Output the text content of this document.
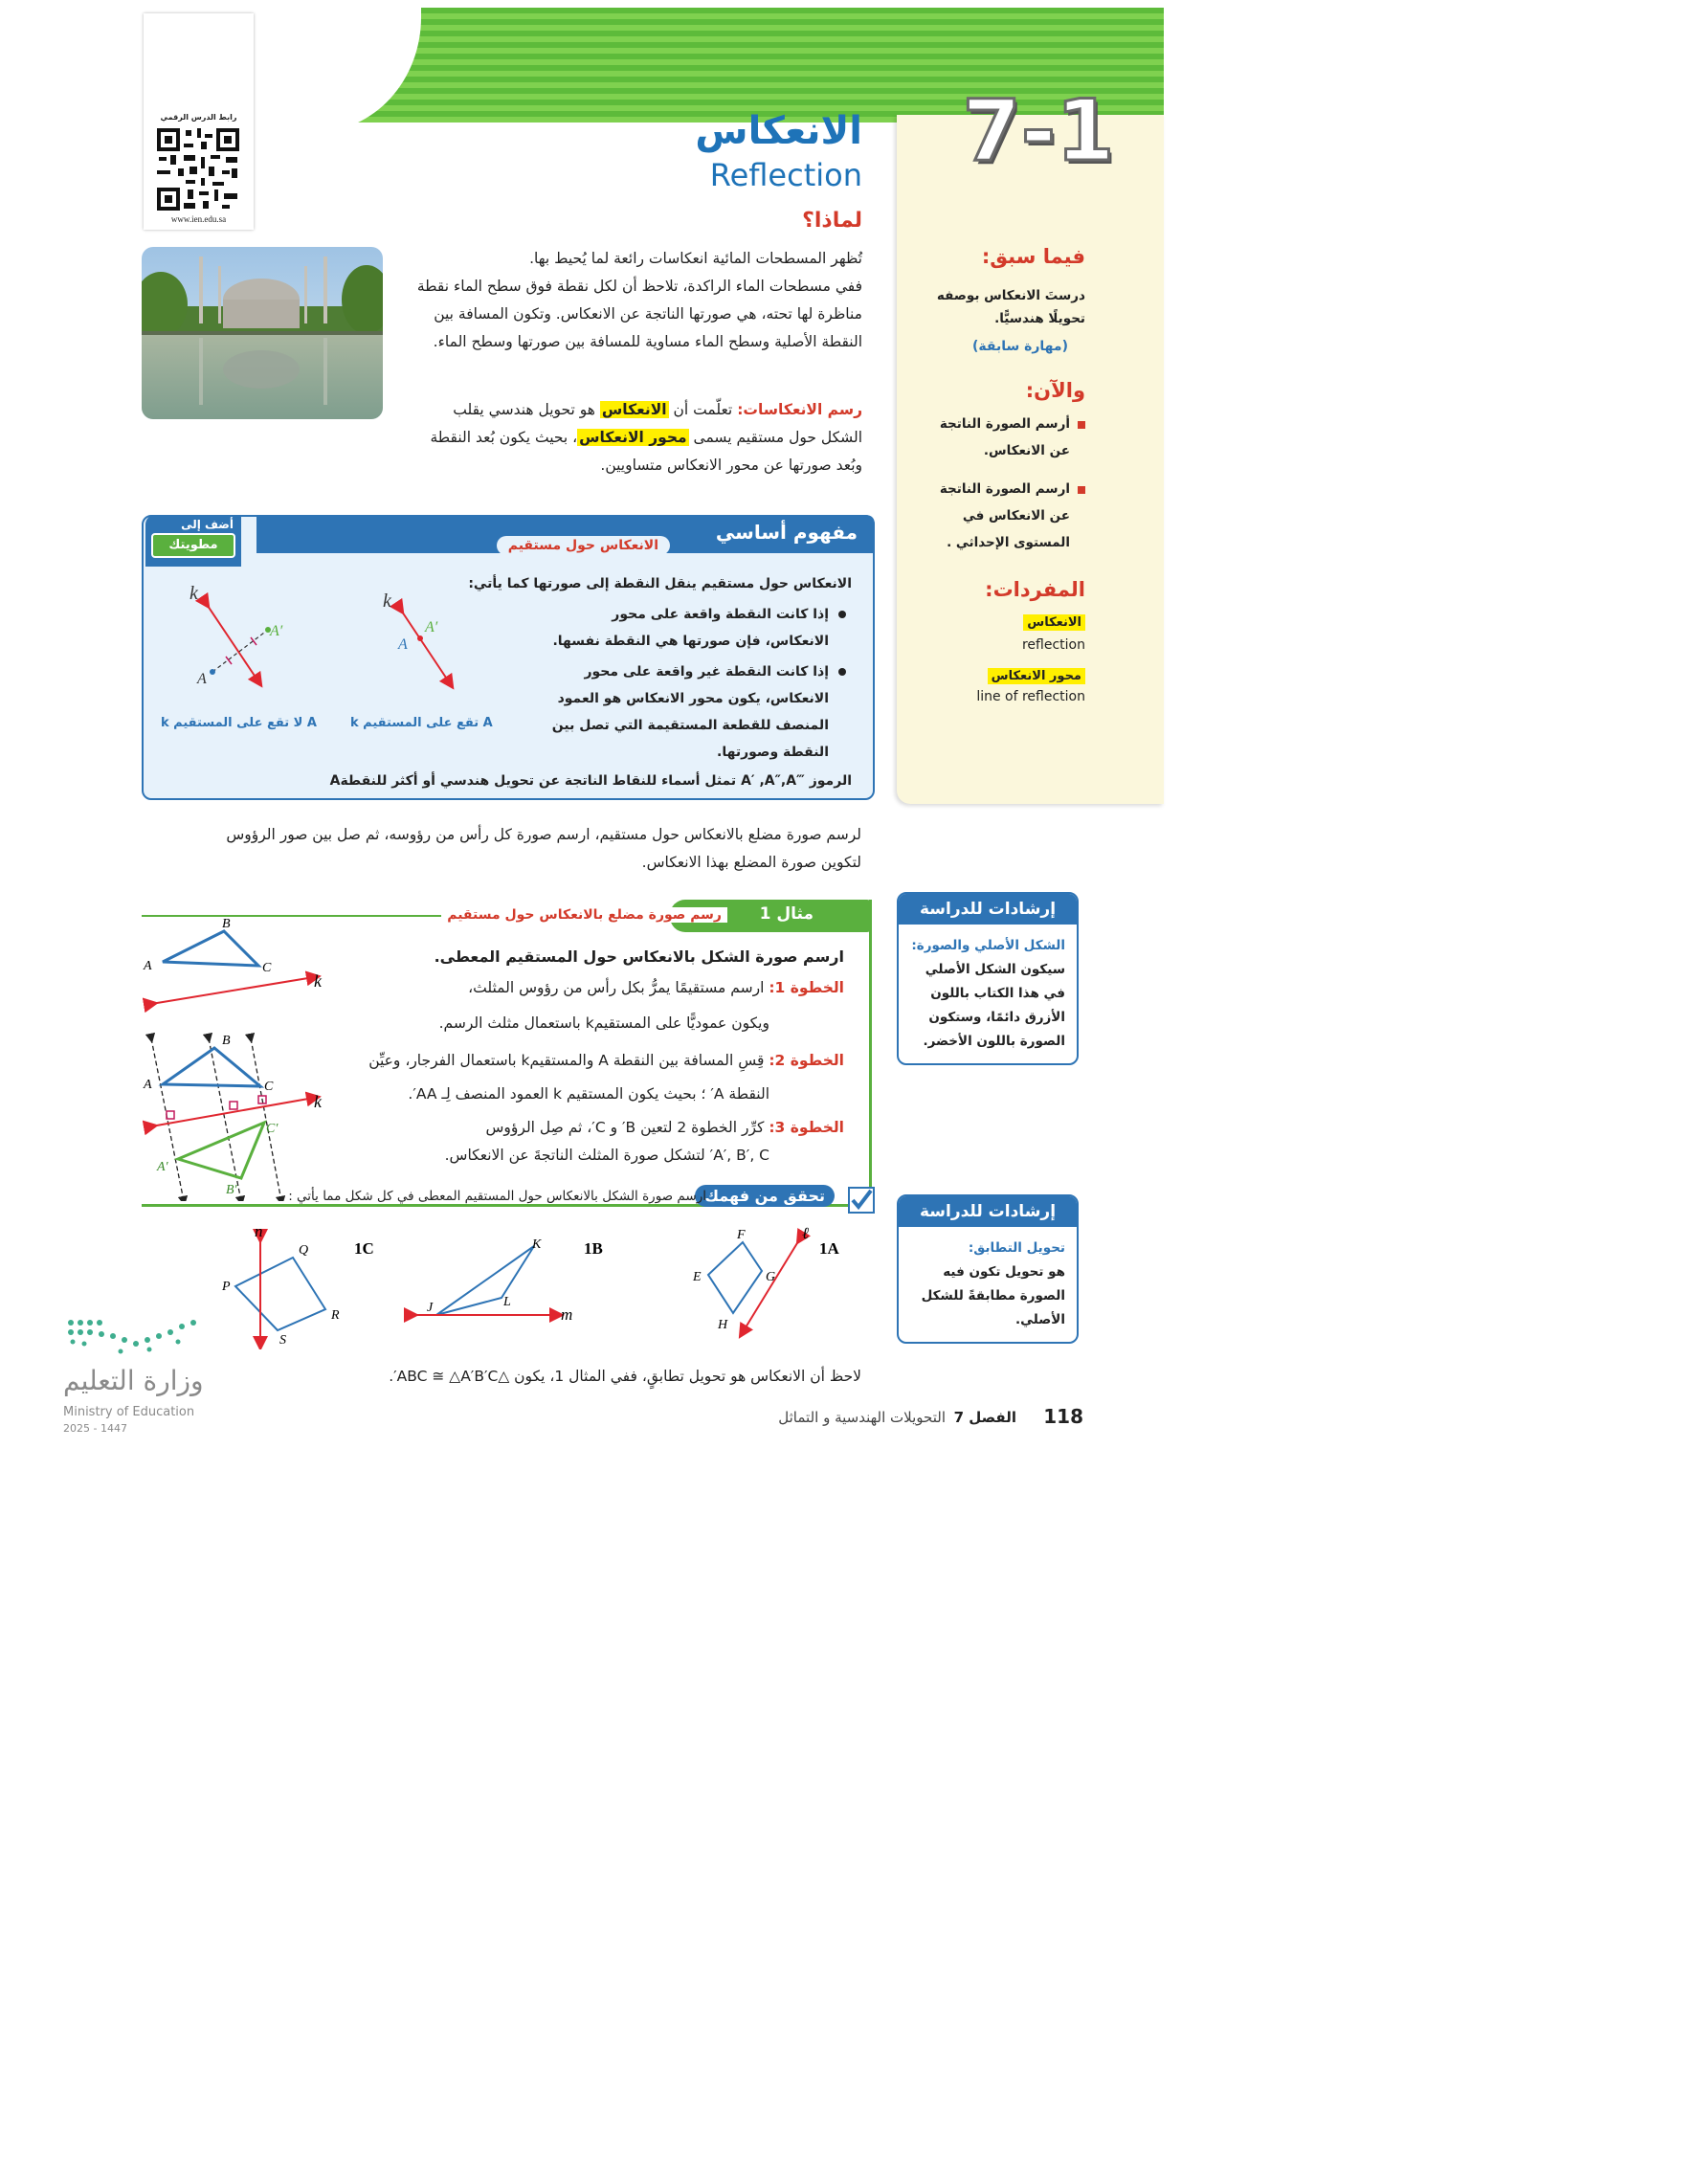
7-1
الانعكاس
Reflection
رابط الدرس الرقمي
www.ien.edu.sa
فيما سبق:
درستَ الانعكاس بوصفه
تحويلًا هندسيًّا.
(مهارة سابقة)
والآن:
أرسم الصورة الناتجة
عن الانعكاس.
ارسم الصورة الناتجة
عن الانعكاس في
المستوى الإحداثي .
المفردات:
الانعكاس
reflection
محور الانعكاس
line of reflection
لماذا؟
تُظهر المسطحات المائية انعكاسات رائعة لما يُحيط بها.
ففي مسطحات الماء الراكدة، تلاحظ أن لكل نقطة فوق سطح الماء نقطة
مناظرة لها تحته، هي صورتها الناتجة عن الانعكاس. وتكون المسافة بين
النقطة الأصلية وسطح الماء مساوية للمسافة بين صورتها وسطح الماء.
رسم الانعكاسات: تعلّمت أن الانعكاس هو تحويل هندسي يقلب
الشكل حول مستقيم يسمى محور الانعكاس، بحيث يكون بُعد النقطة
وبُعد صورتها عن محور الانعكاس متساويين.
مفهوم أساسي
الانعكاس حول مستقيم
أضف إلى
مطويتك
الانعكاس حول مستقيم ينقل النقطة إلى صورتها كما يأتي:
إذا كانت النقطة واقعة على محور
الانعكاس، فإن صورتها هي النقطة نفسها.
إذا كانت النقطة غير واقعة على محور
الانعكاس، يكون محور الانعكاس هو العمود
المنصف للقطعة المستقيمة التي تصل بين
النقطة وصورتها.
الرموز ‴A′ ,A″,A تمثل أسماء للنقاط الناتجة عن تحويل هندسي أو أكثر للنقطةA
k
A
A′
k
A
A′
A لا تقع على المستقيم k	A تقع على المستقيم k
لرسم صورة مضلع بالانعكاس حول مستقيم، ارسم صورة كل رأس من رؤوسه، ثم صل بين صور الرؤوس
لتكوين صورة المضلع بهذا الانعكاس.
مثال 1
رسم صورة مضلع بالانعكاس حول مستقيم
ارسم صورة الشكل بالانعكاس حول المستقيم المعطى.
الخطوة 1: ارسم مستقيمًا يمرُّ بكل رأس من رؤوس المثلث،
ويكون عموديًّا على المستقيمk باستعمال مثلث الرسم.
الخطوة 2: قِسِ المسافة بين النقطة A والمستقيمk باستعمال الفرجار، وعيِّن
النقطة A′ ؛ بحيث يكون المستقيم k العمود المنصف لِـ AA′.
الخطوة 3: كرِّر الخطوة 2 لتعين B′ و C′، ثم صِل الرؤوس
A′, B′, C′ لتشكل صورة المثلث الناتجةَ عن الانعكاس.
A
B
C
k
A
B
C
k
A′
B′
C′
تحقق من فهمك
ارسم صورة الشكل بالانعكاس حول المستقيم المعطى في كل شكل مما يأتي :
1A
ℓ
F
G
H
E
1B
m
K
L
J
1C
n
Q
R
S
P
إرشادات للدراسة
الشكل الأصلي والصورة:
سيكون الشكل الأصلي في هذا الكتاب باللون الأزرق دائمًا، وستكون الصورة باللون الأخضر.
إرشادات للدراسة
تحويل التطابق:
هو تحويل تكون فيه الصورة مطابقةً للشكل الأصلي.
لاحظ أن الانعكاس هو تحويل تطابقٍ، ففي المثال 1، يكون △ABC ≅ △A′B′C′.
وزارة التعليم
Ministry of Education
2025 - 1447
118
الفصل 7
التحويلات الهندسية و التماثل
